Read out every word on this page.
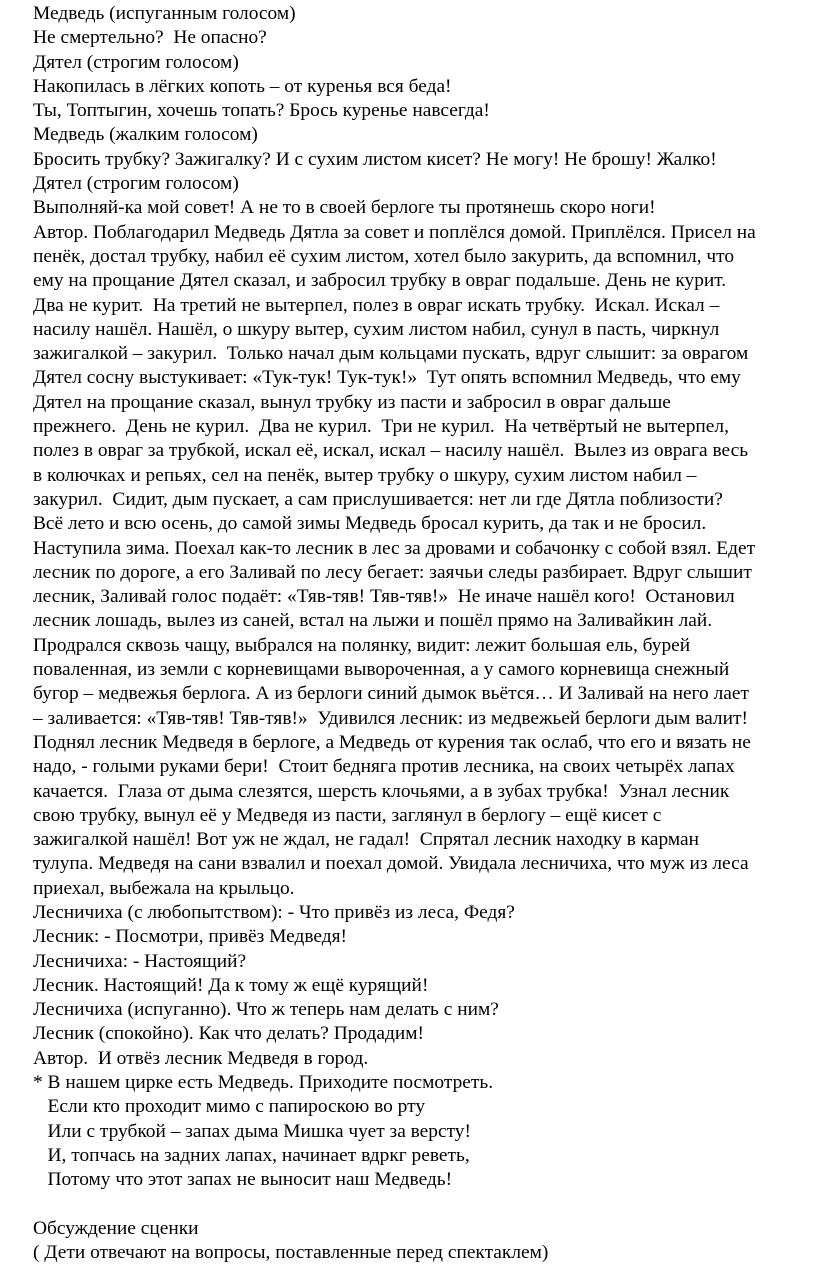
Медведь (испуганным голосом)
Не смертельно?  Не опасно?
Дятел (строгим голосом)
Накопилась в лёгких копоть – от куренья вся беда!
Ты, Топтыгин, хочешь топать? Брось куренье навсегда!
Медведь (жалким голосом)
Бросить трубку? Зажигалку? И с сухим листом кисет? Не могу! Не брошу! Жалко!
Дятел (строгим голосом)
Выполняй-ка мой совет! А не то в своей берлоге ты протянешь скоро ноги!
Автор. Поблагодарил Медведь Дятла за совет и поплёлся домой. Приплёлся. Присел на
пенёк, достал трубку, набил её сухим листом, хотел было закурить, да вспомнил, что
ему на прощание Дятел сказал, и забросил трубку в овраг подальше. День не курит.
Два не курит.  На третий не вытерпел, полез в овраг искать трубку.  Искал. Искал –
насилу нашёл. Нашёл, о шкуру вытер, сухим листом набил, сунул в пасть, чиркнул
зажигалкой – закурил.  Только начал дым кольцами пускать, вдруг слышит: за оврагом
Дятел сосну выстукивает: «Тук-тук! Тук-тук!»  Тут опять вспомнил Медведь, что ему
Дятел на прощание сказал, вынул трубку из пасти и забросил в овраг дальше
прежнего.  День не курил.  Два не курил.  Три не курил.  На четвёртый не вытерпел,
полез в овраг за трубкой, искал её, искал, искал – насилу нашёл.  Вылез из оврага весь
в колючках и репьях, сел на пенёк, вытер трубку о шкуру, сухим листом набил –
закурил.  Сидит, дым пускает, а сам прислушивается: нет ли где Дятла поблизости?
Всё лето и всю осень, до самой зимы Медведь бросал курить, да так и не бросил.
Наступила зима. Поехал как-то лесник в лес за дровами и собачонку с собой взял. Едет
лесник по дороге, а его Заливай по лесу бегает: заячьи следы разбирает. Вдруг слышит
лесник, Заливай голос подаёт: «Тяв-тяв! Тяв-тяв!»  Не иначе нашёл кого!  Остановил
лесник лошадь, вылез из саней, встал на лыжи и пошёл прямо на Заливайкин лай.
Продрался сквозь чащу, выбрался на полянку, видит: лежит большая ель, бурей
поваленная, из земли с корневищами вывороченная, а у самого корневища снежный
бугор – медвежья берлога. А из берлоги синий дымок вьётся… И Заливай на него лает
– заливается: «Тяв-тяв! Тяв-тяв!»  Удивился лесник: из медвежьей берлоги дым валит!
Поднял лесник Медведя в берлоге, а Медведь от курения так ослаб, что его и вязать не
надо, - голыми руками бери!  Стоит бедняга против лесника, на своих четырёх лапах
качается.  Глаза от дыма слезятся, шерсть клочьями, а в зубах трубка!  Узнал лесник
свою трубку, вынул её у Медведя из пасти, заглянул в берлогу – ещё кисет с
зажигалкой нашёл! Вот уж не ждал, не гадал!  Спрятал лесник находку в карман
тулупа. Медведя на сани взвалил и поехал домой. Увидала лесничиха, что муж из леса
приехал, выбежала на крыльцо.
Лесничиха (с любопытством): - Что привёз из леса, Федя?
Лесник: - Посмотри, привёз Медведя!
Лесничиха: - Настоящий?
Лесник. Настоящий! Да к тому ж ещё курящий!
Лесничиха (испуганно). Что ж теперь нам делать с ним?
Лесник (спокойно). Как что делать? Продадим!
Автор.  И отвёз лесник Медведя в город.
* В нашем цирке есть Медведь. Приходите посмотреть.
Если кто проходит мимо с папироскою во рту
Или с трубкой – запах дыма Мишка чует за версту!
И, топчась на задних лапах, начинает вдркг реветь,
Потому что этот запах не выносит наш Медведь!
Обсуждение сценки
( Дети отвечают на вопросы, поставленные перед спектаклем)
